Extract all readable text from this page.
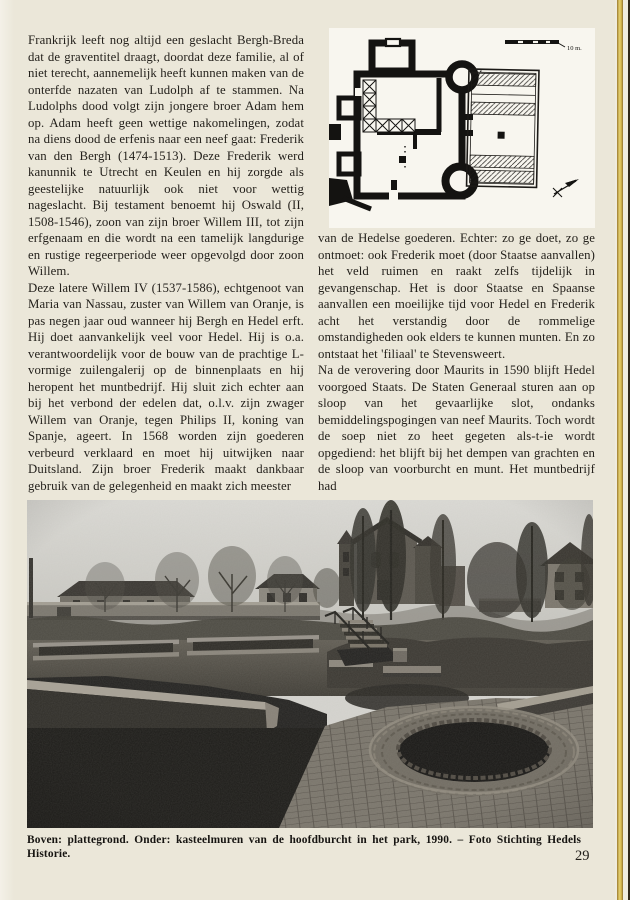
Frankrijk leeft nog altijd een geslacht Bergh-Breda dat de graventitel draagt, doordat deze familie, al of niet terecht, aannemelijk heeft kunnen maken van de onterfde nazaten van Ludolph af te stammen. Na Ludolphs dood volgt zijn jongere broer Adam hem op. Adam heeft geen wettige nakomelingen, zodat na diens dood de erfenis naar een neef gaat: Frederik van den Bergh (1474-1513). Deze Frederik werd kanunnik te Utrecht en Keulen en hij zorgde als geestelijke natuurlijk ook niet voor wettig nageslacht. Bij testament benoemt hij Oswald (II, 1508-1546), zoon van zijn broer Willem III, tot zijn erfgenaam en die wordt na een tamelijk langdurige en rustige regeerperiode weer opgevolgd door zoon Willem.

Deze latere Willem IV (1537-1586), echtgenoot van Maria van Nassau, zuster van Willem van Oranje, is pas negen jaar oud wanneer hij Bergh en Hedel erft. Hij doet aanvankelijk veel voor Hedel. Hij is o.a. verantwoordelijk voor de bouw van de prachtige L-vormige zuilengalerij op de binnenplaats en hij heropent het muntbedrijf. Hij sluit zich echter aan bij het verbond der edelen dat, o.l.v. zijn zwager Willem van Oranje, tegen Philips II, koning van Spanje, ageert. In 1568 worden zijn goederen verbeurd verklaard en moet hij uitwijken naar Duitsland. Zijn broer Frederik maakt dankbaar gebruik van de gelegenheid en maakt zich meester

van de Hedelse goederen. Echter: zo ge doet, zo ge ontmoet: ook Frederik moet (door Staatse aanvallen) het veld ruimen en raakt zelfs tijdelijk in gevangenschap. Het is door Staatse en Spaanse aanvallen een moeilijke tijd voor Hedel en Frederik acht het verstandig door de rommelige omstandigheden ook elders te kunnen munten. En zo ontstaat het 'filiaal' te Stevensweert.

Na de verovering door Maurits in 1590 blijft Hedel voorgoed Staats. De Staten Generaal sturen aan op sloop van het gevaarlijke slot, ondanks bemiddelingspogingen van neef Maurits. Toch wordt de soep niet zo heet gegeten als-t-ie wordt opgediend: het blijft bij het dempen van grachten en de sloop van voorburcht en munt. Het muntbedrijf had

10 m.
Boven: plattegrond. Onder: kasteelmuren van de hoofdburcht in het park, 1990. – Foto Stichting Hedels Historie.	29
